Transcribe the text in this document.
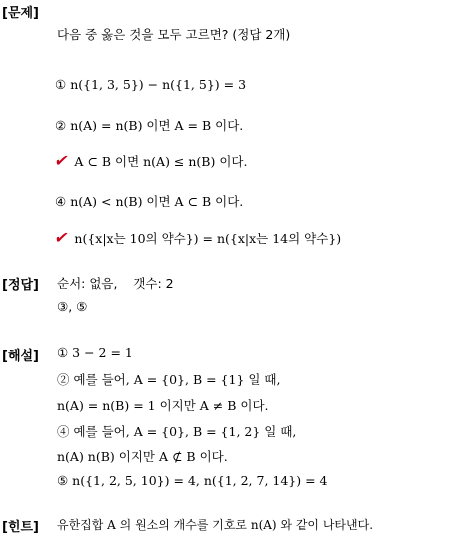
[문제]
다음 중 옳은 것을 모두 고르면? (정답 2개)
① n({1, 3, 5}) − n({1, 5}) = 3
② n(A) = n(B) 이면 A = B 이다.
✔ A ⊂ B 이면 n(A) ≤ n(B) 이다.
④ n(A) < n(B) 이면 A ⊂ B 이다.
✔ n({x|x는 10의 약수}) = n({x|x는 14의 약수})
[정답] 순서: 없음,    갯수: 2
③, ⑤
[해설] ① 3 − 2 = 1
② 예를 들어, A = {0}, B = {1} 일 때,
n(A) = n(B) = 1 이지만 A ≠ B 이다.
④ 예를 들어, A = {0}, B = {1, 2} 일 때,
n(A) n(B) 이지만 A ⊄ B 이다.
⑤ n({1, 2, 5, 10}) = 4, n({1, 2, 7, 14}) = 4
[힌트] 유한집합 A 의 원소의 개수를 기호로 n(A) 와 같이 나타낸다.
